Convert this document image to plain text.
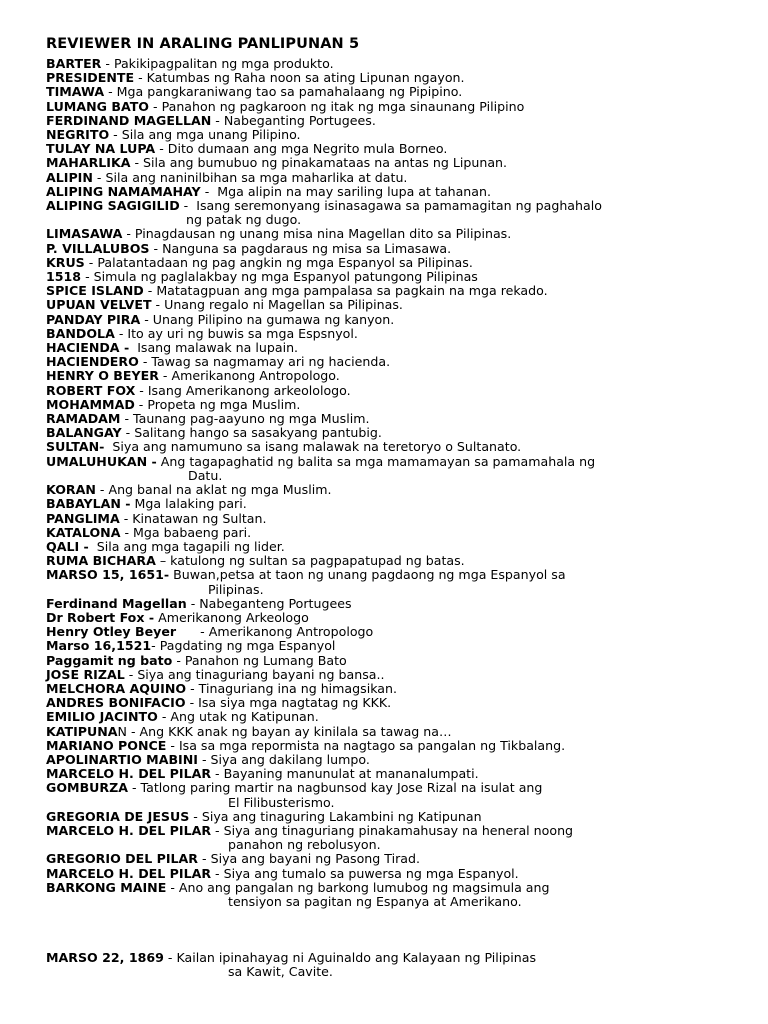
REVIEWER IN ARALING PANLIPUNAN 5

BARTER - Pakikipagpalitan ng mga produkto.

PRESIDENTE - Katumbas ng Raha noon sa ating Lipunan ngayon.

TIMAWA - Mga pangkaraniwang tao sa pamahalaang ng Pipipino.

LUMANG BATO - Panahon ng pagkaroon ng itak ng mga sinaunang Pilipino

FERDINAND MAGELLAN - Nabeganting Portugees.

NEGRITO - Sila ang mga unang Pilipino.

TULAY NA LUPA - Dito dumaan ang mga Negrito mula Borneo.

MAHARLIKA - Sila ang bumubuo ng pinakamataas na antas ng Lipunan.

ALIPIN - Sila ang naninilbihan sa mga maharlika at datu.

ALIPING NAMAMAHAY -  Mga alipin na may sariling lupa at tahanan.

ALIPING SAGIGILID -  Isang seremonyang isinasagawa sa pamamagitan ng paghahalo
ng patak ng dugo.

LIMASAWA - Pinagdausan ng unang misa nina Magellan dito sa Pilipinas.

P. VILLALUBOS - Nanguna sa pagdaraus ng misa sa Limasawa.

KRUS - Palatantadaan ng pag angkin ng mga Espanyol sa Pilipinas.

1518 - Simula ng paglalakbay ng mga Espanyol patungong Pilipinas

SPICE ISLAND - Matatagpuan ang mga pampalasa sa pagkain na mga rekado.

UPUAN VELVET - Unang regalo ni Magellan sa Pilipinas.

PANDAY PIRA - Unang Pilipino na gumawa ng kanyon.

BANDOLA - Ito ay uri ng buwis sa mga Espsnyol.

HACIENDA - Isang malawak na lupain.

HACIENDERO - Tawag sa nagmamay ari ng hacienda.

HENRY O BEYER - Amerikanong Antropologo.

ROBERT FOX - Isang Amerikanong arkeolologo.

MOHAMMAD - Propeta ng mga Muslim.

RAMADAM - Taunang pag-aayuno ng mga Muslim.

BALANGAY - Salitang hango sa sasakyang pantubig.

SULTAN- Siya ang namumuno sa isang malawak na teretoryo o Sultanato.

UMALUHUKAN - Ang tagapaghatid ng balita sa mga mamamayan sa pamamahala ng
Datu.

KORAN - Ang banal na aklat ng mga Muslim.

BABAYLAN - Mga lalaking pari.

PANGLIMA - Kinatawan ng Sultan.

KATALONA - Mga babaeng pari.

QALI - Sila ang mga tagapili ng lider.

RUMA BICHARA – katulong ng sultan sa pagpapatupad ng batas.

MARSO 15, 1651- Buwan,petsa at taon ng unang pagdaong ng mga Espanyol sa
Pilipinas.

Ferdinand Magellan - Nabeganteng Portugees

Dr Robert Fox - Amerikanong Arkeologo

Henry Otley Beyer      - Amerikanong Antropologo

Marso 16,1521- Pagdating ng mga Espanyol

Paggamit ng bato - Panahon ng Lumang Bato

JOSE RIZAL - Siya ang tinaguriang bayani ng bansa..

MELCHORA AQUINO - Tinaguriang ina ng himagsikan.

ANDRES BONIFACIO - Isa siya mga nagtatag ng KKK.

EMILIO JACINTO - Ang utak ng Katipunan.

KATIPUNAN - Ang KKK anak ng bayan ay kinilala sa tawag na…

MARIANO PONCE - Isa sa mga repormista na nagtago sa pangalan ng Tikbalang.

APOLINARTIO MABINI - Siya ang dakilang lumpo.

MARCELO H. DEL PILAR - Bayaning manunulat at mananalumpati.

GOMBURZA - Tatlong paring martir na nagbunsod kay Jose Rizal na isulat ang
El Filibusterismo.

GREGORIA DE JESUS - Siya ang tinaguring Lakambini ng Katipunan

MARCELO H. DEL PILAR - Siya ang tinaguriang pinakamahusay na heneral noong
panahon ng rebolusyon.

GREGORIO DEL PILAR - Siya ang bayani ng Pasong Tirad.

MARCELO H. DEL PILAR - Siya ang tumalo sa puwersa ng mga Espanyol.

BARKONG MAINE - Ano ang pangalan ng barkong lumubog ng magsimula ang
tensiyon sa pagitan ng Espanya at Amerikano.

MARSO 22, 1869 - Kailan ipinahayag ni Aguinaldo ang Kalayaan ng Pilipinas
sa Kawit, Cavite.
